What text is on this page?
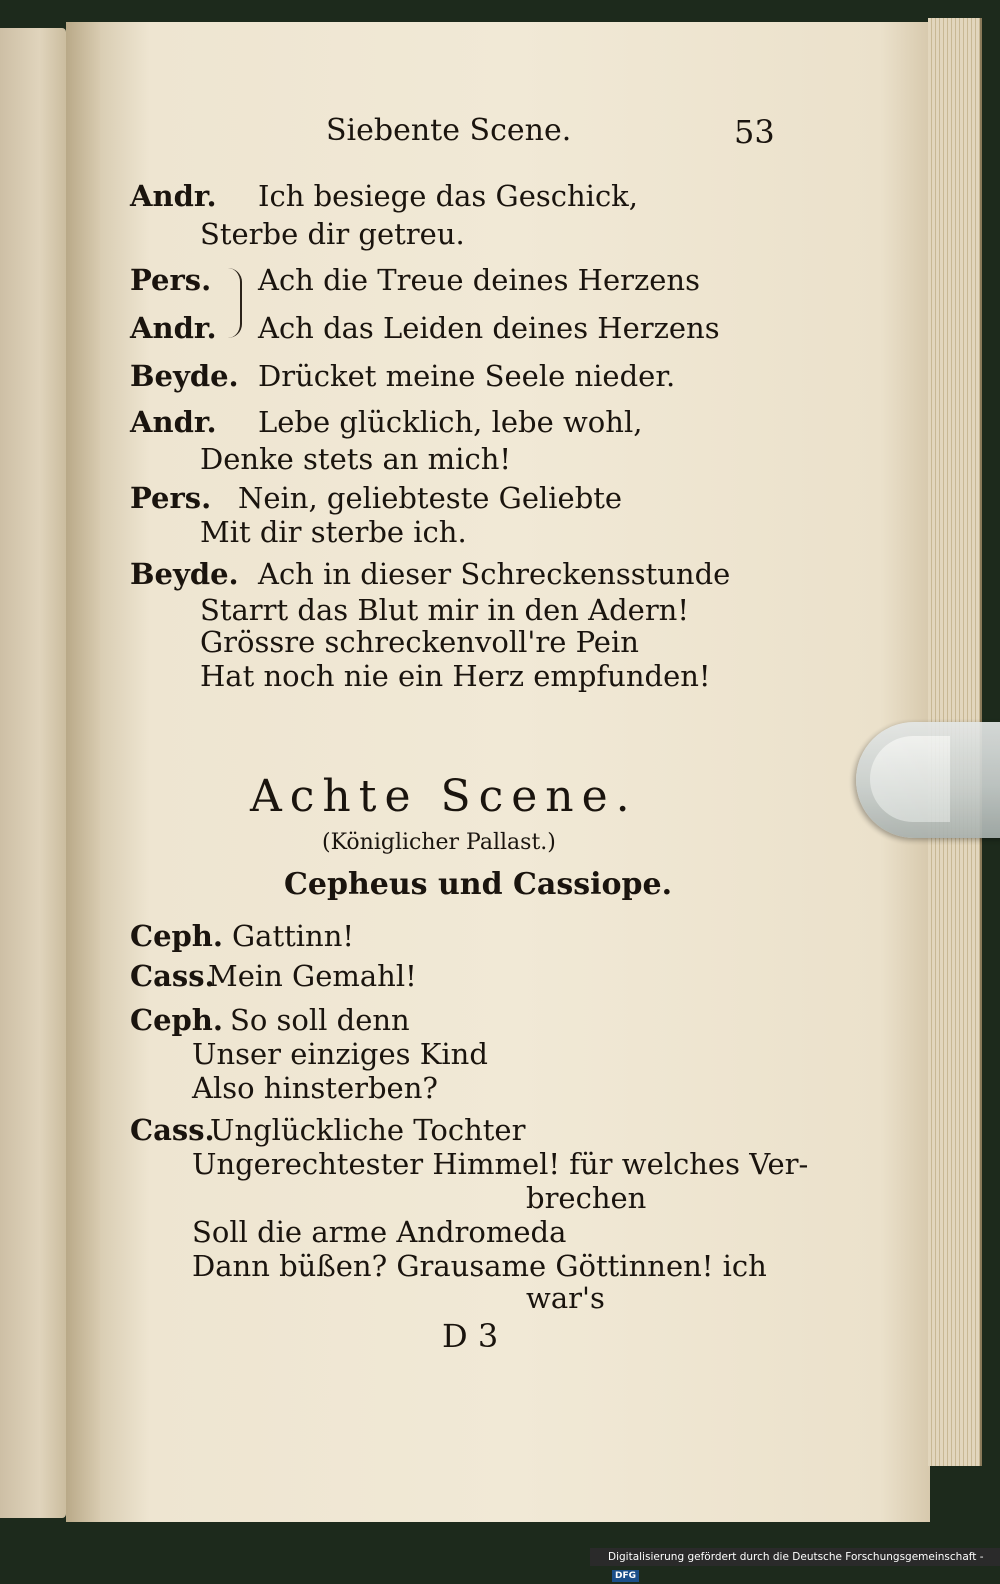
Siebente Scene.	53
Andr. Ich besiege das Geschick,
Sterbe dir getreu.
Pers. Ach die Treue deines Herzens
Andr. Ach das Leiden deines Herzens
Beyde. Drücket meine Seele nieder.
Andr. Lebe glücklich, lebe wohl,
Denke stets an mich!
Pers. Nein, geliebteste Geliebte
Mit dir sterbe ich.
Beyde. Ach in dieser Schreckensstunde
Starrt das Blut mir in den Adern!
Grössre schreckenvoll're Pein
Hat noch nie ein Herz empfunden!
Achte Scene.
(Königlicher Pallast.)
Cepheus und Cassiope.
Ceph. Gattinn!
Cass.
Mein Gemahl!
Ceph. So soll denn
Unser einziges Kind
Also hinsterben?
Cass.
Unglückliche Tochter
Ungerechtester Himmel! für welches Ver-
brechen
Soll die arme Andromeda
Dann büßen? Grausame Göttinnen! ich
war's
D 3
Digitalisierung gefördert durch die Deutsche Forschungsgemeinschaft -DFG
